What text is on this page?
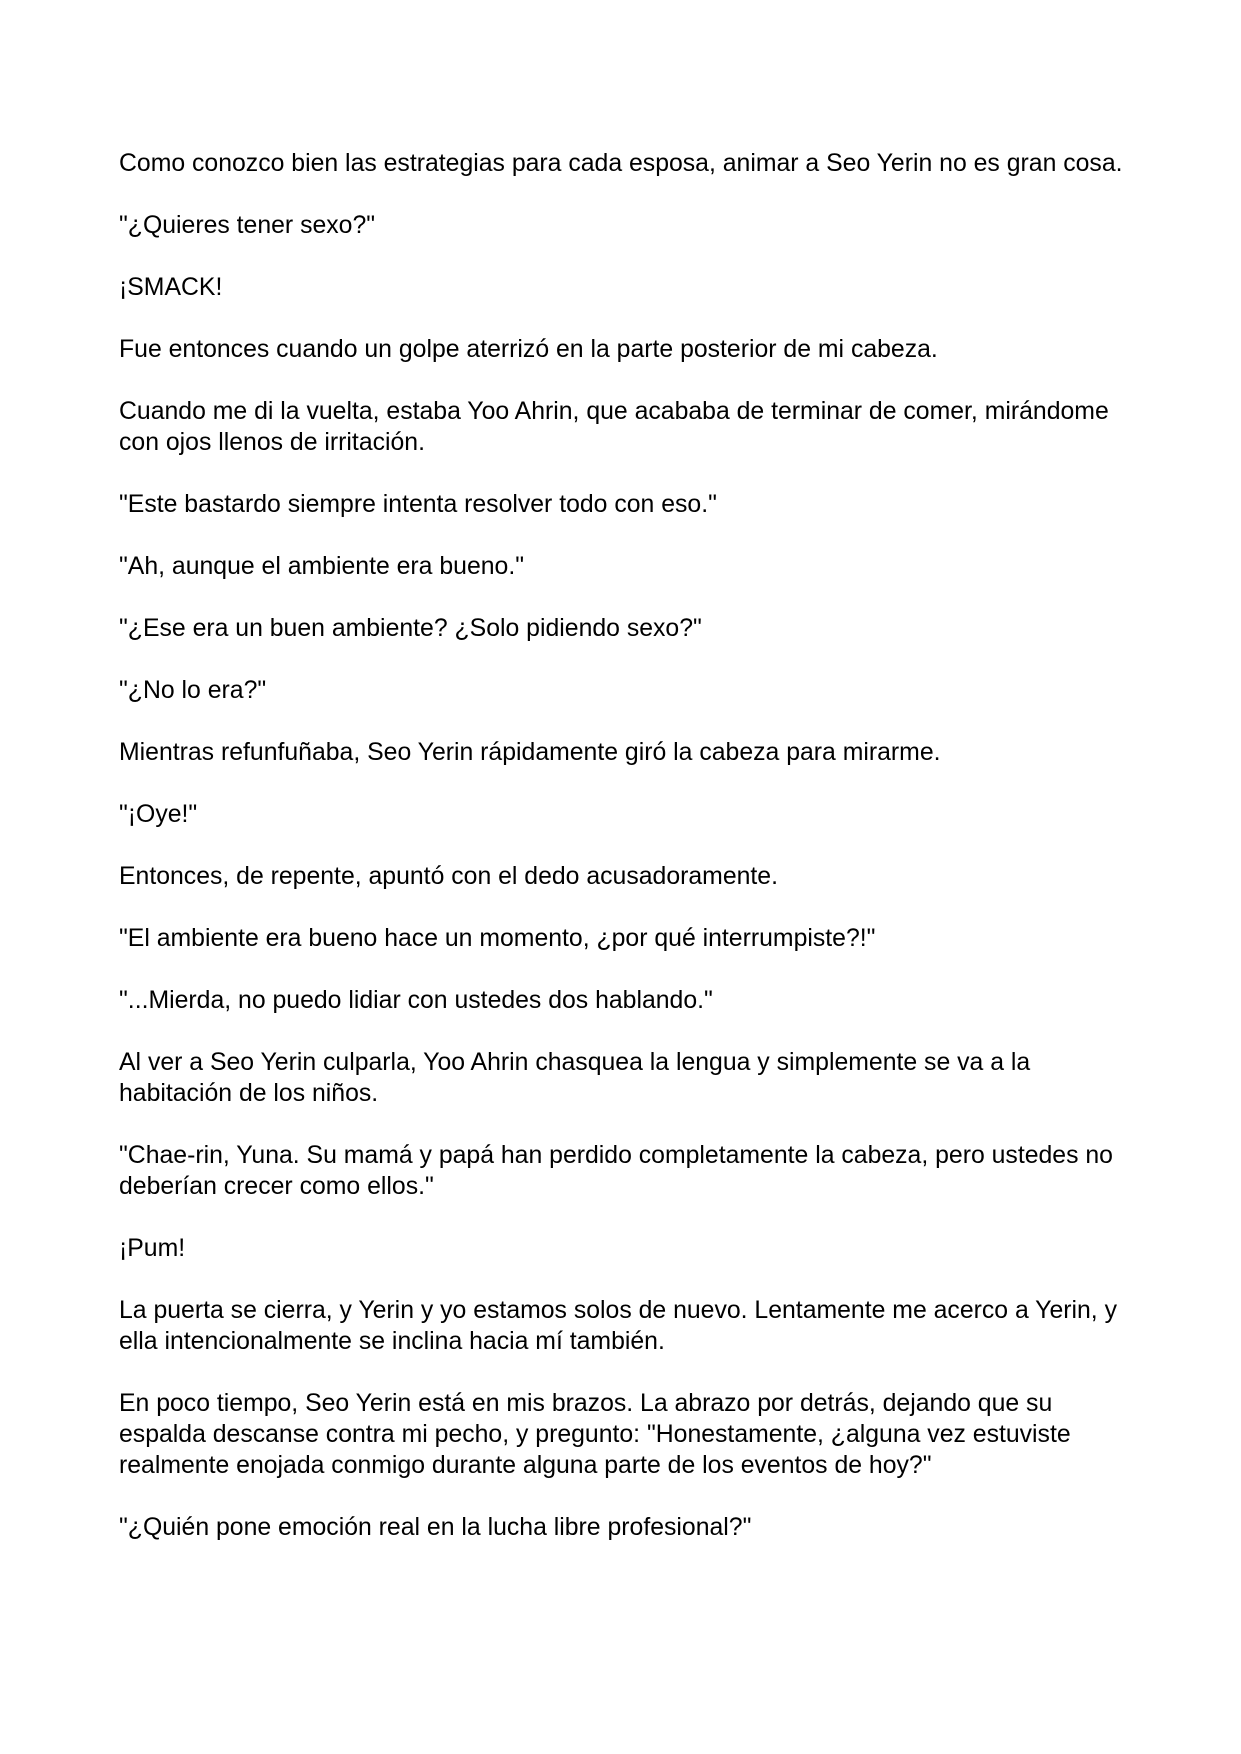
Como conozco bien las estrategias para cada esposa, animar a Seo Yerin no es gran cosa.

"¿Quieres tener sexo?"

¡SMACK!

Fue entonces cuando un golpe aterrizó en la parte posterior de mi cabeza.

Cuando me di la vuelta, estaba Yoo Ahrin, que acababa de terminar de comer, mirándome con ojos llenos de irritación.

"Este bastardo siempre intenta resolver todo con eso."

"Ah, aunque el ambiente era bueno."

"¿Ese era un buen ambiente? ¿Solo pidiendo sexo?"

"¿No lo era?"

Mientras refunfuñaba, Seo Yerin rápidamente giró la cabeza para mirarme.

"¡Oye!"

Entonces, de repente, apuntó con el dedo acusadoramente.

"El ambiente era bueno hace un momento, ¿por qué interrumpiste?!"

"...Mierda, no puedo lidiar con ustedes dos hablando."

Al ver a Seo Yerin culparla, Yoo Ahrin chasquea la lengua y simplemente se va a la habitación de los niños.

"Chae-rin, Yuna. Su mamá y papá han perdido completamente la cabeza, pero ustedes no deberían crecer como ellos."

¡Pum!

La puerta se cierra, y Yerin y yo estamos solos de nuevo. Lentamente me acerco a Yerin, y ella intencionalmente se inclina hacia mí también.

En poco tiempo, Seo Yerin está en mis brazos. La abrazo por detrás, dejando que su espalda descanse contra mi pecho, y pregunto: "Honestamente, ¿alguna vez estuviste realmente enojada conmigo durante alguna parte de los eventos de hoy?"

"¿Quién pone emoción real en la lucha libre profesional?"
